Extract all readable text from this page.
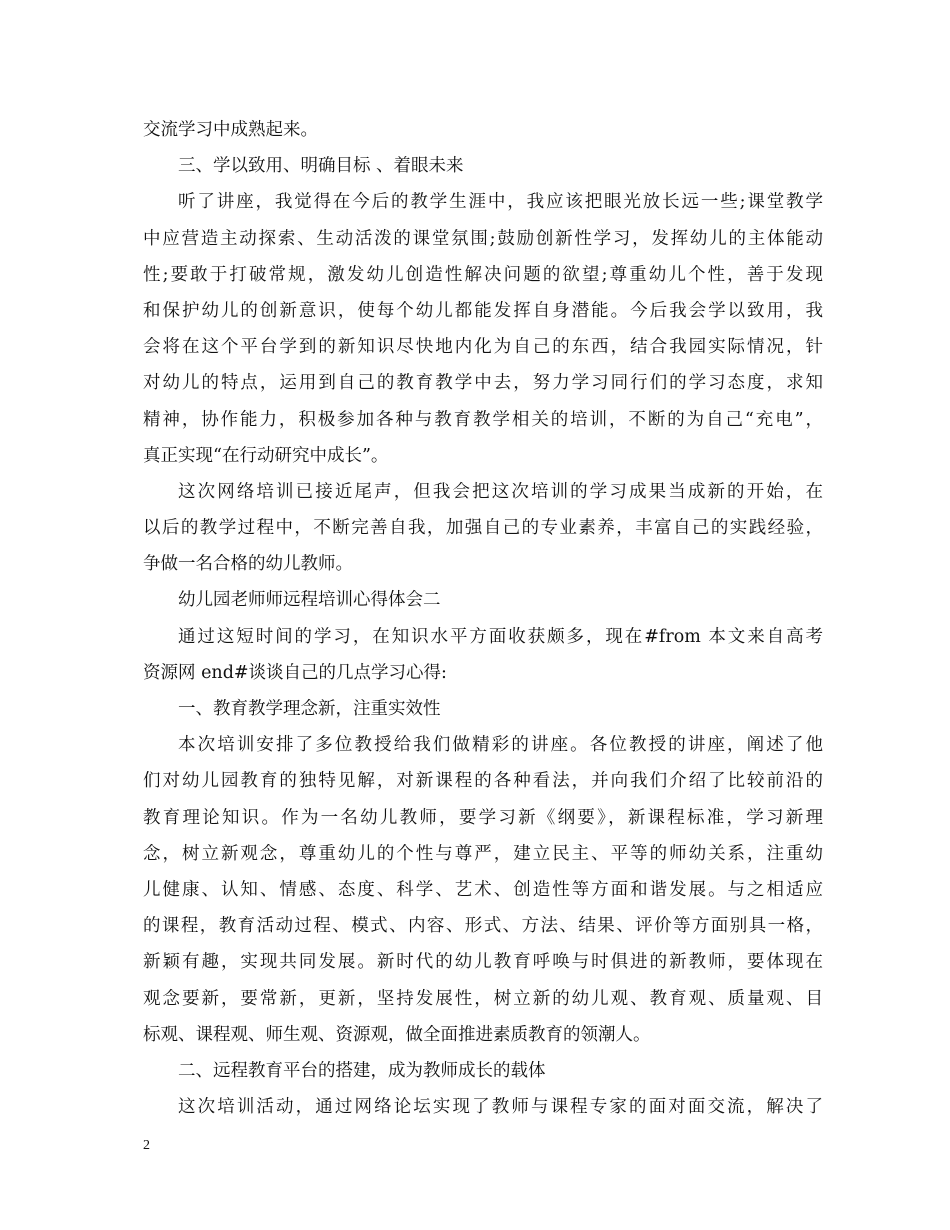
交流学习中成熟起来。
三、学以致用、明确目标 、着眼未来
听了讲座，我觉得在今后的教学生涯中，我应该把眼光放长远一些;课堂教学
中应营造主动探索、生动活泼的课堂氛围;鼓励创新性学习，发挥幼儿的主体能动
性;要敢于打破常规，激发幼儿创造性解决问题的欲望;尊重幼儿个性，善于发现
和保护幼儿的创新意识，使每个幼儿都能发挥自身潜能。今后我会学以致用，我
会将在这个平台学到的新知识尽快地内化为自己的东西，结合我园实际情况，针
对幼儿的特点，运用到自己的教育教学中去，努力学习同行们的学习态度，求知
精神，协作能力，积极参加各种与教育教学相关的培训，不断的为自己“充电”，
真正实现“在行动研究中成长”。
这次网络培训已接近尾声，但我会把这次培训的学习成果当成新的开始，在
以后的教学过程中，不断完善自我，加强自己的专业素养，丰富自己的实践经验，
争做一名合格的幼儿教师。
幼儿园老师师远程培训心得体会二
通过这短时间的学习，在知识水平方面收获颇多，现在#from 本文来自高考
资源网 end#谈谈自己的几点学习心得:
一、教育教学理念新，注重实效性
本次培训安排了多位教授给我们做精彩的讲座。各位教授的讲座，阐述了他
们对幼儿园教育的独特见解，对新课程的各种看法，并向我们介绍了比较前沿的
教育理论知识。作为一名幼儿教师，要学习新《纲要》，新课程标准，学习新理
念，树立新观念，尊重幼儿的个性与尊严，建立民主、平等的师幼关系，注重幼
儿健康、认知、情感、态度、科学、艺术、创造性等方面和谐发展。与之相适应
的课程，教育活动过程、模式、内容、形式、方法、结果、评价等方面别具一格，
新颖有趣，实现共同发展。新时代的幼儿教育呼唤与时俱进的新教师，要体现在
观念要新，要常新，更新，坚持发展性，树立新的幼儿观、教育观、质量观、目
标观、课程观、师生观、资源观，做全面推进素质教育的领潮人。
二、远程教育平台的搭建，成为教师成长的载体
这次培训活动，通过网络论坛实现了教师与课程专家的面对面交流，解决了
2
